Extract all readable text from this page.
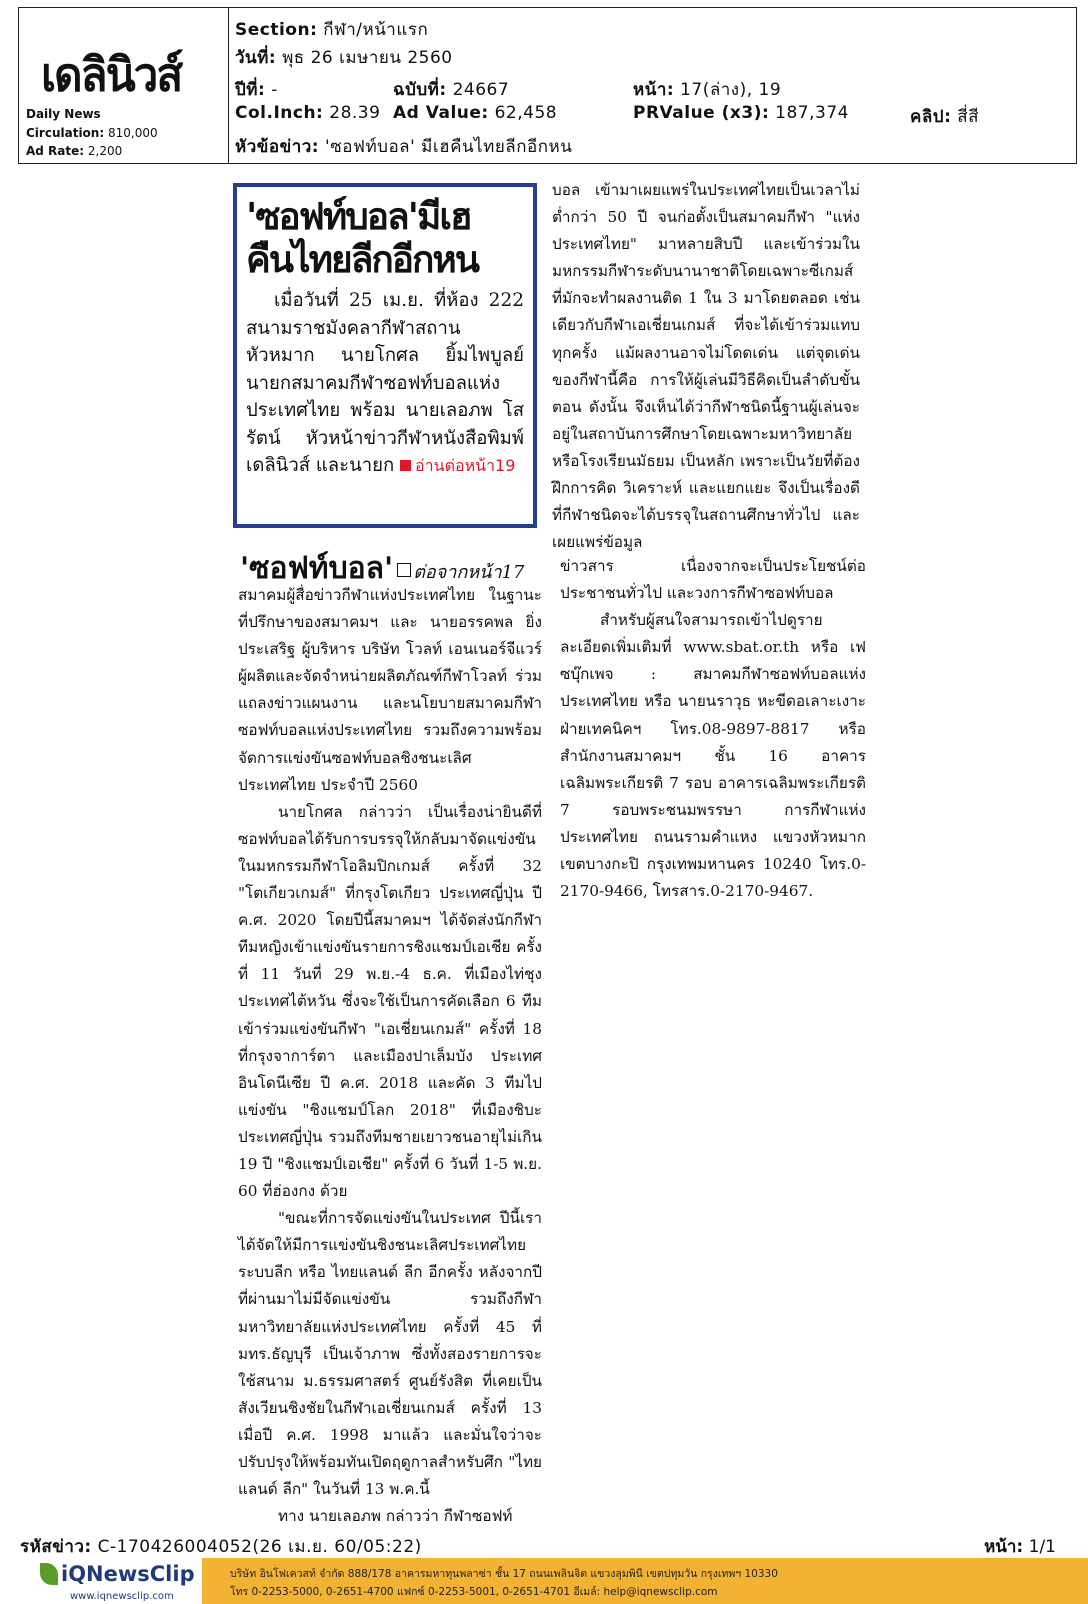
เดลินิวส์
Daily News
Circulation: 810,000
Ad Rate: 2,200
Section: กีฬา/หน้าแรก
วันที่: พุธ 26 เมษายน 2560
ปีที่: -	ฉบับที่: 24667	หน้า: 17(ล่าง), 19
Col.Inch: 28.39 Ad Value: 62,458	PRValue (x3): 187,374	คลิป: สี่สี
หัวข้อข่าว: 'ซอฟท์บอล' มีเฮคืนไทยลีกอีกหน
'ซอฟท์บอล'มีเฮ
คืนไทยลีกอีกหน

เมื่อวันที่ 25 เม.ย. ที่ห้อง 222 สนามราชมังคลากีฬาสถาน หัวหมาก นายโกศล ยิ้มไพบูลย์ นายกสมาคมกีฬาซอฟท์บอลแห่งประเทศไทย พร้อม นายเลอภพ โสรัตน์ หัวหน้าข่าวกีฬาหนังสือพิมพ์เดลินิวส์ และนายก อ่านต่อหน้า19

'ซอฟท์บอล' ต่อจากหน้า17

สมาคมผู้สื่อข่าวกีฬาแห่งประเทศไทย ในฐานะที่ปรึกษาของสมาคมฯ และ นายอรรคพล ยิ่งประเสริฐ ผู้บริหาร บริษัท โวลท์ เอนเนอร์จีแวร์ ผู้ผลิตและจัดจำหน่ายผลิตภัณฑ์กีฬาโวลท์ ร่วมแถลงข่าวแผนงาน และนโยบายสมาคมกีฬาซอฟท์บอลแห่งประเทศไทย รวมถึงความพร้อมจัดการแข่งขันซอฟท์บอลชิงชนะเลิศประเทศไทย ประจำปี 2560

นายโกศล กล่าวว่า เป็นเรื่องน่ายินดีที่ซอฟท์บอลได้รับการบรรจุให้กลับมาจัดแข่งขันในมหกรรมกีฬาโอลิมปิกเกมส์ ครั้งที่ 32 "โตเกียวเกมส์" ที่กรุงโตเกียว ประเทศญี่ปุ่น ปี ค.ศ. 2020 โดยปีนี้สมาคมฯ ได้จัดส่งนักกีฬาทีมหญิงเข้าแข่งขันรายการชิงแชมป์เอเชีย ครั้งที่ 11 วันที่ 29 พ.ย.-4 ธ.ค. ที่เมืองไท่ชุง ประเทศไต้หวัน ซึ่งจะใช้เป็นการคัดเลือก 6 ทีมเข้าร่วมแข่งขันกีฬา "เอเชี่ยนเกมส์" ครั้งที่ 18 ที่กรุงจาการ์ตา และเมืองปาเล็มบัง ประเทศอินโดนีเซีย ปี ค.ศ. 2018 และคัด 3 ทีมไปแข่งขัน "ชิงแชมป์โลก 2018" ที่เมืองชิบะ ประเทศญี่ปุ่น รวมถึงทีมชายเยาวชนอายุไม่เกิน 19 ปี "ชิงแชมป์เอเชีย" ครั้งที่ 6 วันที่ 1-5 พ.ย. 60 ที่ฮ่องกง ด้วย

"ขณะที่การจัดแข่งขันในประเทศ ปีนี้เราได้จัดให้มีการแข่งขันชิงชนะเลิศประเทศไทย ระบบลีก หรือ ไทยแลนด์ ลีก อีกครั้ง หลังจากปีที่ผ่านมาไม่มีจัดแข่งขัน รวมถึงกีฬามหาวิทยาลัยแห่งประเทศไทย ครั้งที่ 45 ที่ มทร.ธัญบุรี เป็นเจ้าภาพ ซึ่งทั้งสองรายการจะใช้สนาม ม.ธรรมศาสตร์ ศูนย์รังสิต ที่เคยเป็นสังเวียนชิงชัยในกีฬาเอเชี่ยนเกมส์ ครั้งที่ 13 เมื่อปี ค.ศ. 1998 มาแล้ว และมั่นใจว่าจะปรับปรุงให้พร้อมทันเปิดฤดูกาลสำหรับศึก "ไทยแลนด์ ลีก" ในวันที่ 13 พ.ค.นี้

ทาง นายเลอภพ กล่าวว่า กีฬาซอฟท์

บอล เข้ามาเผยแพร่ในประเทศไทยเป็นเวลาไม่ต่ำกว่า 50 ปี จนก่อตั้งเป็นสมาคมกีฬา "แห่งประเทศไทย" มาหลายสิบปี และเข้าร่วมในมหกรรมกีฬาระดับนานาชาติโดยเฉพาะซีเกมส์ที่มักจะทำผลงานติด 1 ใน 3 มาโดยตลอด เช่นเดียวกับกีฬาเอเชี่ยนเกมส์ ที่จะได้เข้าร่วมแทบทุกครั้ง แม้ผลงานอาจไม่โดดเด่น แต่จุดเด่นของกีฬานี้คือ การให้ผู้เล่นมีวิธีคิดเป็นลำดับขั้นตอน ดังนั้น จึงเห็นได้ว่ากีฬาชนิดนี้ฐานผู้เล่นจะอยู่ในสถาบันการศึกษาโดยเฉพาะมหาวิทยาลัย หรือโรงเรียนมัธยม เป็นหลัก เพราะเป็นวัยที่ต้องฝึกการคิด วิเคราะห์ และแยกแยะ จึงเป็นเรื่องดีที่กีฬาชนิดจะได้บรรจุในสถานศึกษาทั่วไป และเผยแพร่ข้อมูล

ข่าวสาร เนื่องจากจะเป็นประโยชน์ต่อประชาชนทั่วไป และวงการกีฬาซอฟท์บอล

สำหรับผู้สนใจสามารถเข้าไปดูรายละเอียดเพิ่มเติมที่ www.sbat.or.th หรือ เฟซบุ๊กเพจ : สมาคมกีฬาซอฟท์บอลแห่งประเทศไทย หรือ นายนราวุธ หะขีดอเลาะเงาะ ฝ่ายเทคนิคฯ โทร.08-9897-8817 หรือสำนักงานสมาคมฯ ชั้น 16 อาคารเฉลิมพระเกียรติ 7 รอบ อาคารเฉลิมพระเกียรติ 7 รอบพระชนมพรรษา การกีฬาแห่งประเทศไทย ถนนรามคำแหง แขวงหัวหมาก เขตบางกะปิ กรุงเทพมหานคร 10240 โทร.0-2170-9466, โทรสาร.0-2170-9467.

รหัสข่าว: C-170426004052(26 เม.ย. 60/05:22)	หน้า: 1/1
iQNewsClip
www.iqnewsclip.com
บริษัท อินโฟเควสท์ จำกัด 888/178 อาคารมหาทุนพลาซ่า ชั้น 17 ถนนเพลินจิต แขวงลุมพินี เขตปทุมวัน กรุงเทพฯ 10330
โทร 0-2253-5000, 0-2651-4700 แฟกซ์ 0-2253-5001, 0-2651-4701 อีเมล์: help@iqnewsclip.com
